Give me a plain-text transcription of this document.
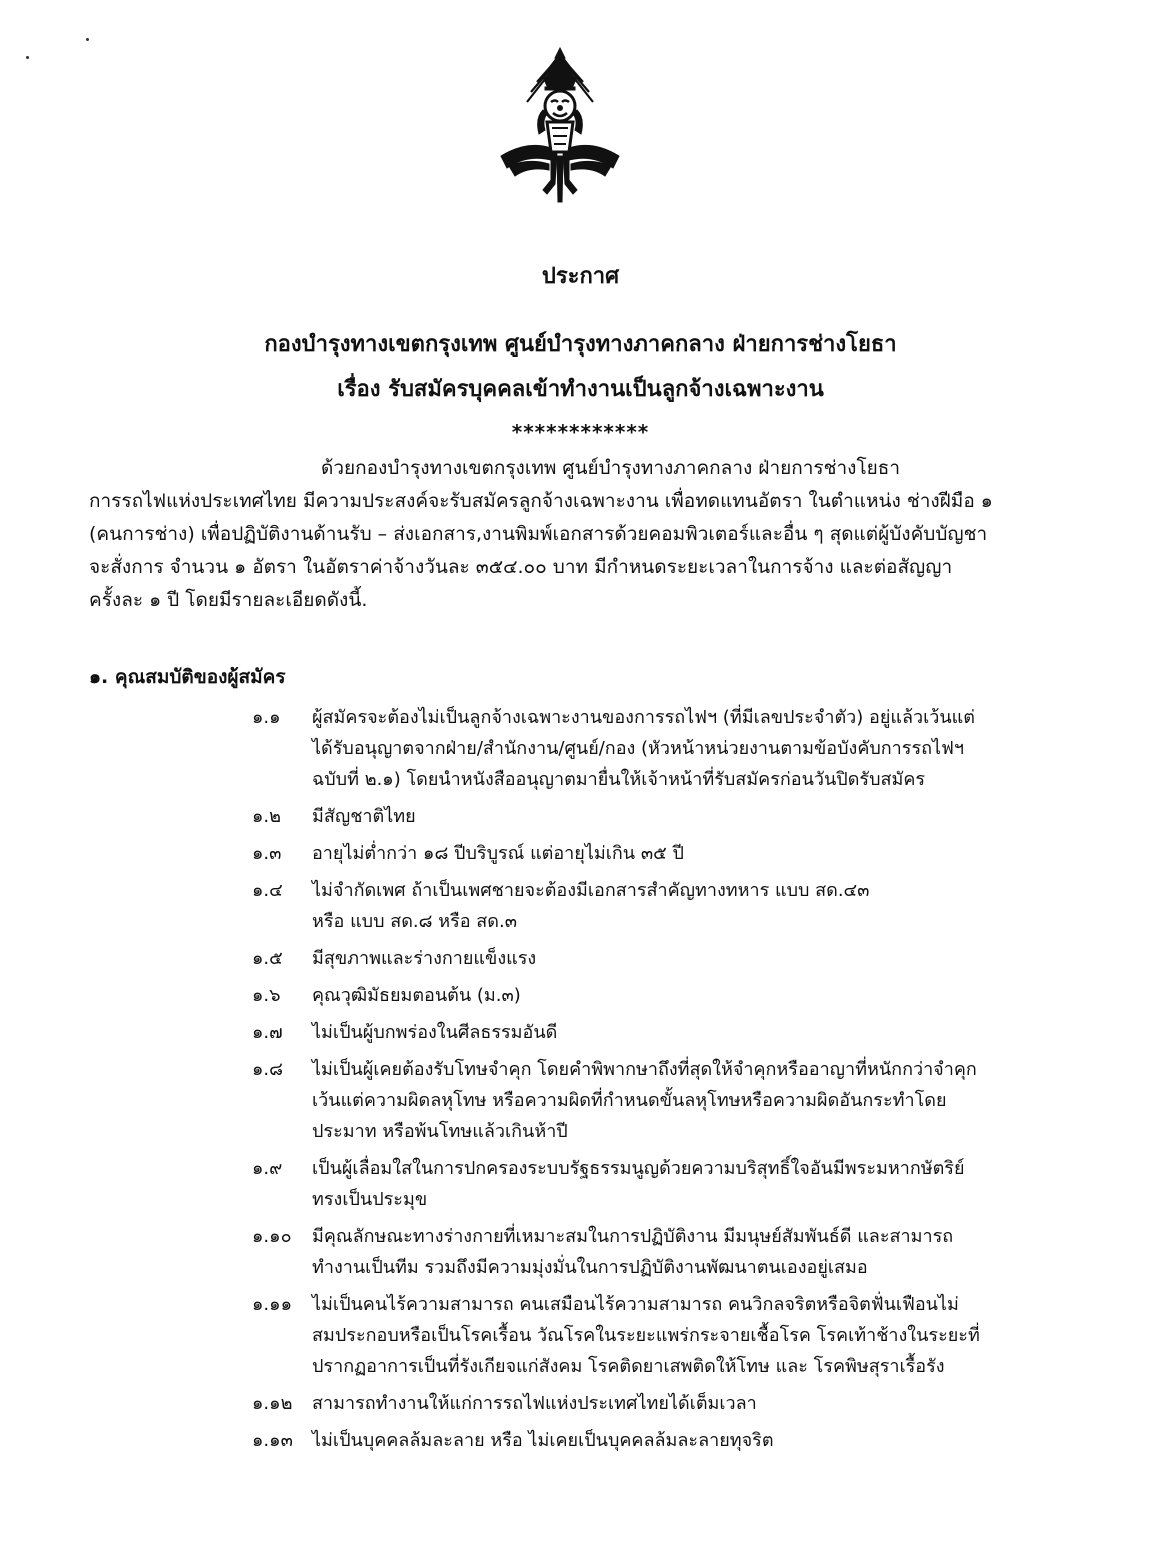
ประกาศ
กองบำรุงทางเขตกรุงเทพ ศูนย์บำรุงทางภาคกลาง ฝ่ายการช่างโยธา
เรื่อง รับสมัครบุคคลเข้าทำงานเป็นลูกจ้างเฉพาะงาน
************
ด้วยกองบำรุงทางเขตกรุงเทพ ศูนย์บำรุงทางภาคกลาง ฝ่ายการช่างโยธา
การรถไฟแห่งประเทศไทย มีความประสงค์จะรับสมัครลูกจ้างเฉพาะงาน เพื่อทดแทนอัตรา ในตำแหน่ง ช่างฝีมือ ๑
(คนการช่าง) เพื่อปฏิบัติงานด้านรับ – ส่งเอกสาร,งานพิมพ์เอกสารด้วยคอมพิวเตอร์และอื่น ๆ สุดแต่ผู้บังคับบัญชา
จะสั่งการ จำนวน ๑ อัตรา ในอัตราค่าจ้างวันละ ๓๕๔.๐๐ บาท มีกำหนดระยะเวลาในการจ้าง และต่อสัญญา
ครั้งละ ๑ ปี โดยมีรายละเอียดดังนี้.
๑. คุณสมบัติของผู้สมัคร
๑.๑	ผู้สมัครจะต้องไม่เป็นลูกจ้างเฉพาะงานของการรถไฟฯ (ที่มีเลขประจำตัว) อยู่แล้วเว้นแต่
ได้รับอนุญาตจากฝ่าย/สำนักงาน/ศูนย์/กอง (หัวหน้าหน่วยงานตามข้อบังคับการรถไฟฯ
ฉบับที่ ๒.๑) โดยนำหนังสืออนุญาตมายื่นให้เจ้าหน้าที่รับสมัครก่อนวันปิดรับสมัคร
๑.๒	มีสัญชาติไทย
๑.๓	อายุไม่ต่ำกว่า ๑๘ ปีบริบูรณ์ แต่อายุไม่เกิน ๓๕ ปี
๑.๔	ไม่จำกัดเพศ ถ้าเป็นเพศชายจะต้องมีเอกสารสำคัญทางทหาร แบบ สด.๔๓
หรือ แบบ สด.๘ หรือ สด.๓
๑.๕	มีสุขภาพและร่างกายแข็งแรง
๑.๖	คุณวุฒิมัธยมตอนต้น (ม.๓)
๑.๗	ไม่เป็นผู้บกพร่องในศีลธรรมอันดี
๑.๘	ไม่เป็นผู้เคยต้องรับโทษจำคุก โดยคำพิพากษาถึงที่สุดให้จำคุกหรืออาญาที่หนักกว่าจำคุก
เว้นแต่ความผิดลหุโทษ หรือความผิดที่กำหนดขั้นลหุโทษหรือความผิดอันกระทำโดย
ประมาท หรือพ้นโทษแล้วเกินห้าปี
๑.๙	เป็นผู้เลื่อมใสในการปกครองระบบรัฐธรรมนูญด้วยความบริสุทธิ์ใจอันมีพระมหากษัตริย์
ทรงเป็นประมุข
๑.๑๐	มีคุณลักษณะทางร่างกายที่เหมาะสมในการปฏิบัติงาน มีมนุษย์สัมพันธ์ดี และสามารถ
ทำงานเป็นทีม รวมถึงมีความมุ่งมั่นในการปฏิบัติงานพัฒนาตนเองอยู่เสมอ
๑.๑๑	ไม่เป็นคนไร้ความสามารถ คนเสมือนไร้ความสามารถ คนวิกลจริตหรือจิตฟั่นเฟือนไม่
สมประกอบหรือเป็นโรคเรื้อน วัณโรคในระยะแพร่กระจายเชื้อโรค โรคเท้าช้างในระยะที่
ปรากฏอาการเป็นที่รังเกียจแก่สังคม โรคติดยาเสพติดให้โทษ และ โรคพิษสุราเรื้อรัง
๑.๑๒	สามารถทำงานให้แก่การรถไฟแห่งประเทศไทยได้เต็มเวลา
๑.๑๓	ไม่เป็นบุคคลล้มละลาย หรือ ไม่เคยเป็นบุคคลล้มละลายทุจริต
